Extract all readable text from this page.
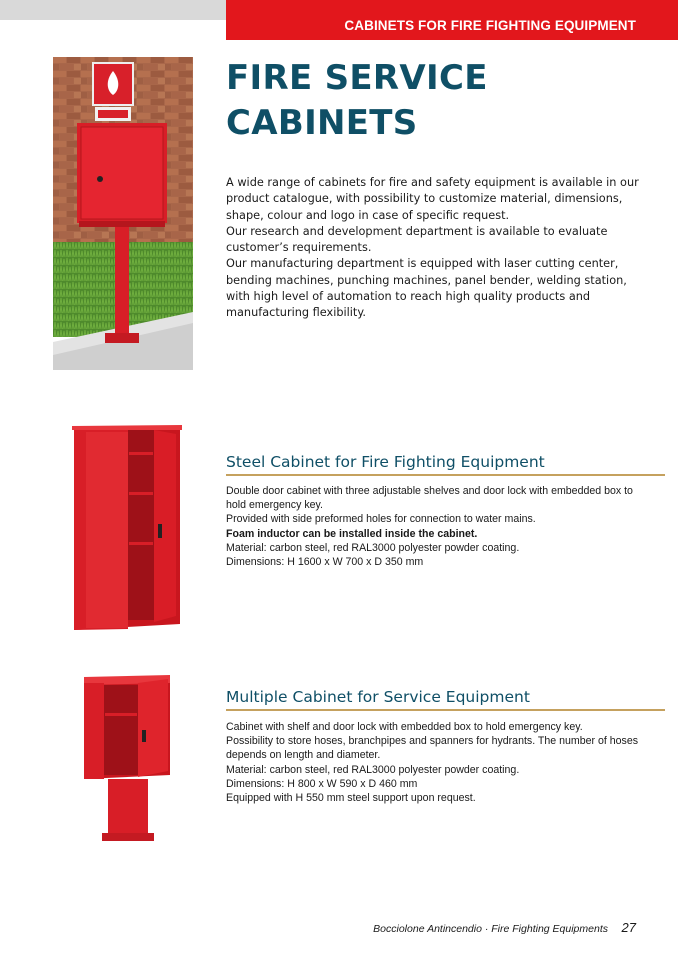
CABINETS FOR FIRE FIGHTING EQUIPMENT
FIRE SERVICE
CABINETS

A wide range of cabinets for fire and safety equipment is available in our product catalogue, with possibility to customize material, dimensions, shape, colour and logo in case of specific request.

Our research and development department is available to evaluate customer’s requirements.

Our manufacturing department is equipped with laser cutting center, bending machines, punching machines, panel bender, welding station, with high level of automation to reach high quality products and manufacturing flexibility.

Steel Cabinet for Fire Fighting Equipment

Double door cabinet with three adjustable shelves and door lock with embedded box to hold emergency key.

Provided with side preformed holes for connection to water mains.

Foam inductor can be installed inside the cabinet.

Material: carbon steel, red RAL3000 polyester powder coating.

Dimensions: H 1600 x W 700 x D 350 mm

Multiple Cabinet for Service Equipment

Cabinet with shelf and door lock with embedded box to hold emergency key.

Possibility to store hoses, branchpipes and spanners for hydrants. The number of hoses depends on length and diameter.

Material: carbon steel, red RAL3000 polyester powder coating.

Dimensions: H 800 x W 590 x D 460 mm

Equipped with H 550 mm steel support upon request.

Bocciolone Antincendio · Fire Fighting Equipments 27
